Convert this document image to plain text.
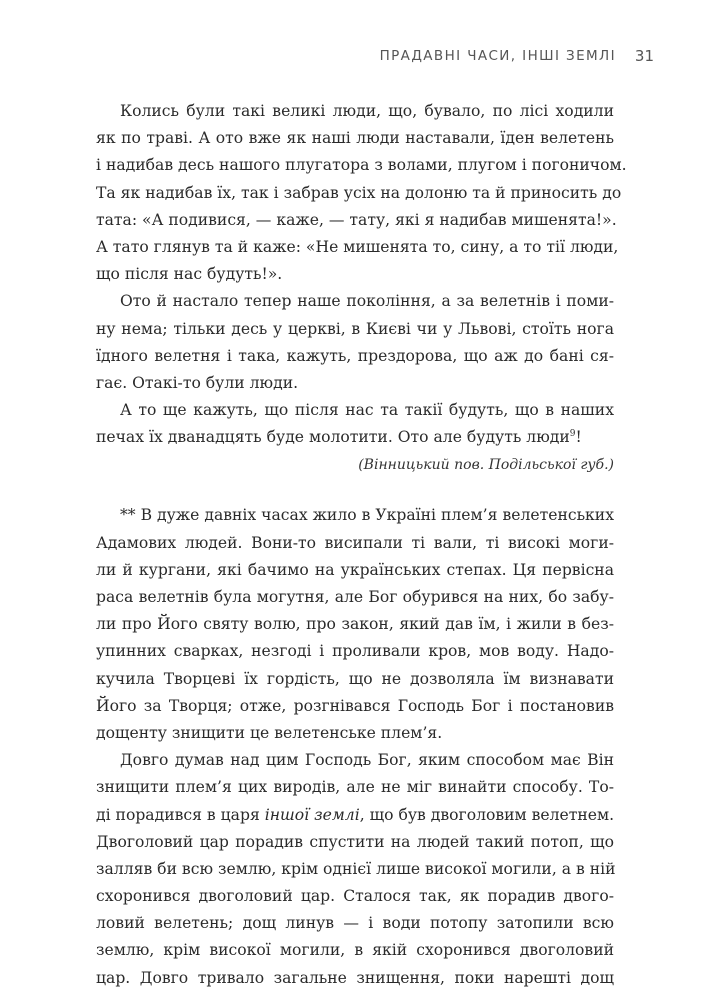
ПРАДАВНІ ЧАСИ, ІНШІ ЗЕМЛІ 31
Колись були такі великі люди, що, бувало, по лісі ходили
як по траві. А ото вже як наші люди наставали, їден велетень
і надибав десь нашого плугатора з волами, плугом і погоничом.
Та як надибав їх, так і забрав усіх на долоню та й приносить до
тата: «А подивися, — каже, — тату, які я надибав мишенята!».
А тато глянув та й каже: «Не мишенята то, сину, а то тії люди,
що після нас будуть!».
Ото й настало тепер наше покоління, а за велетнів і поми-
ну нема; тільки десь у церкві, в Києві чи у Львові, стоїть нога
їдного велетня і така, кажуть, прездорова, що аж до бані ся-
гає. Отакі-то були люди.
А то ще кажуть, що після нас та такії будуть, що в наших
печах їх дванадцять буде молотити. Ото але будуть люди$^9$!
(Вінницький пов. Подільської губ.)
** В дуже давніх часах жило в Україні плем’я велетенських
Адамових людей. Вони-то висипали ті вали, ті високі моги-
ли й кургани, які бачимо на українських степах. Ця первісна
раса велетнів була могутня, але Бог обурився на них, бо забу-
ли про Його святу волю, про закон, який дав їм, і жили в без-
упинних сварках, незгоді і проливали кров, мов воду. Надо-
кучила Творцеві їх гордість, що не дозволяла їм визнавати
Його за Творця; отже, розгнівався Господь Бог і постановив
дощенту знищити це велетенське плем’я.
Довго думав над цим Господь Бог, яким способом має Він
знищити плем’я цих виродів, але не міг винайти способу. То-
ді порадився в царя іншої землі, що був двоголовим велетнем.
Двоголовий цар порадив спустити на людей такий потоп, що
залляв би всю землю, крім однієї лише високої могили, а в ній
схоронився двоголовий цар. Сталося так, як порадив двого-
ловий велетень; дощ линув — і води потопу затопили всю
землю, крім високої могили, в якій схоронився двоголовий
цар. Довго тривало загальне знищення, поки нарешті дощ
